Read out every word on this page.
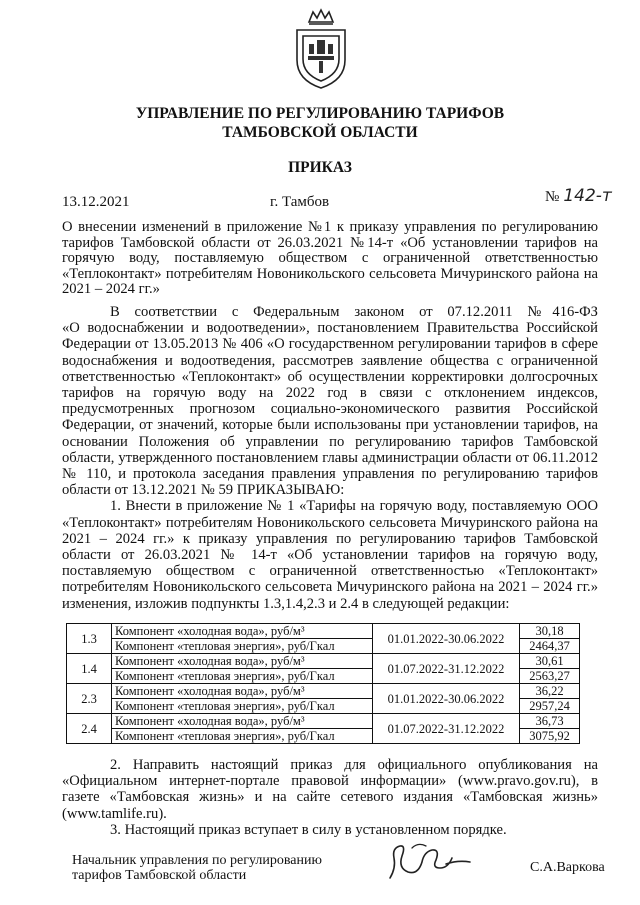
УПРАВЛЕНИЕ ПО РЕГУЛИРОВАНИЮ ТАРИФОВ
ТАМБОВСКОЙ ОБЛАСТИ
ПРИКАЗ
13.12.2021	г. Тамбов	№ 142-т
О внесении изменений в приложение №1 к приказу управления по регулированию тарифов Тамбовской области от 26.03.2021 №14-т «Об установлении тарифов на горячую воду, поставляемую обществом с ограниченной ответственностью «Теплоконтакт» потребителям Новоникольского сельсовета Мичуринского района на 2021 – 2024 гг.»
В соответствии с Федеральным законом от 07.12.2011 №416-ФЗ
«О водоснабжении и водоотведении», постановлением Правительства Российской
Федерации от 13.05.2013 № 406 «О государственном регулировании тарифов в сфере
водоснабжения и водоотведения, рассмотрев заявление общества с ограниченной
ответственностью «Теплоконтакт» об осуществлении корректировки долгосрочных
тарифов на горячую воду на 2022 год в связи с отклонением индексов,
предусмотренных прогнозом социально-экономического развития Российской
Федерации, от значений, которые были использованы при установлении тарифов, на
основании Положения об управлении по регулированию тарифов Тамбовской
области, утвержденного постановлением главы администрации области от 06.11.2012
№ 110, и протокола заседания правления управления по регулированию тарифов
области от 13.12.2021 № 59 ПРИКАЗЫВАЮ:
1. Внести в приложение № 1 «Тарифы на горячую воду, поставляемую ООО
«Теплоконтакт» потребителям Новоникольского сельсовета Мичуринского района на
2021 – 2024 гг.» к приказу управления по регулированию тарифов Тамбовской
области от 26.03.2021 № 14-т «Об установлении тарифов на горячую воду,
поставляемую обществом с ограниченной ответственностью «Теплоконтакт»
потребителям Новоникольского сельсовета Мичуринского района на 2021 – 2024 гг.»
изменения, изложив подпункты 1.3,1.4,2.3 и 2.4 в следующей редакции:
1.3	Компонент «холодная вода», руб/м³	01.01.2022-30.06.2022	30,18
	Компонент «тепловая энергия», руб/Гкал		2464,37
1.4	Компонент «холодная вода», руб/м³	01.07.2022-31.12.2022	30,61
	Компонент «тепловая энергия», руб/Гкал		2563,27
2.3	Компонент «холодная вода», руб/м³	01.01.2022-30.06.2022	36,22
	Компонент «тепловая энергия», руб/Гкал		2957,24
2.4	Компонент «холодная вода», руб/м³	01.07.2022-31.12.2022	36,73
	Компонент «тепловая энергия», руб/Гкал		3075,92
2. Направить настоящий приказ для официального опубликования на
«Официальном интернет-портале правовой информации» (www.pravo.gov.ru), в
газете «Тамбовская жизнь» и на сайте сетевого издания «Тамбовская жизнь»
(www.tamlife.ru).
3. Настоящий приказ вступает в силу в установленном порядке.
Начальник управления по регулированию
тарифов Тамбовской области
С.А.Варкова
